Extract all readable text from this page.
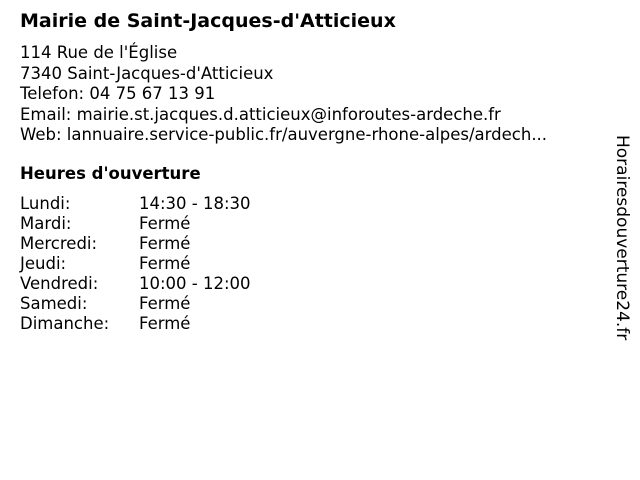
Mairie de Saint-Jacques-d'Atticieux
114 Rue de l'Église
7340 Saint-Jacques-d'Atticieux
Telefon: 04 75 67 13 91
Email: mairie.st.jacques.d.atticieux@inforoutes-ardeche.fr
Web: lannuaire.service-public.fr/auvergne-rhone-alpes/ardech...
Heures d'ouverture
Lundi:	14:30 - 18:30
Mardi:	Fermé
Mercredi:	Fermé
Jeudi:	Fermé
Vendredi:	10:00 - 12:00
Samedi:	Fermé
Dimanche:	Fermé	Horairesdouverture24.fr
